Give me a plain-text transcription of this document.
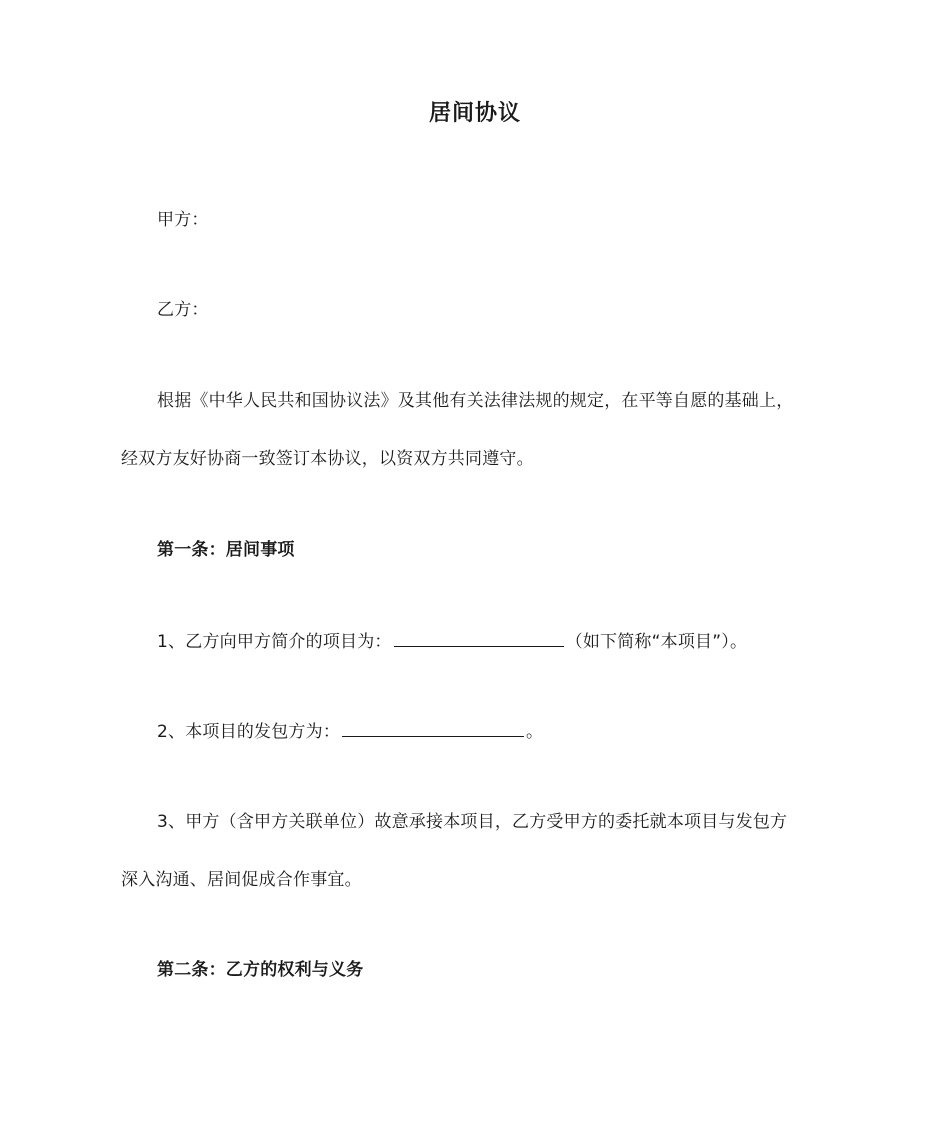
居间协议
甲方：
乙方：
根据《中华人民共和国协议法》及其他有关法律法规的规定，在平等自愿的基础上，
经双方友好协商一致签订本协议，以资双方共同遵守。
第一条：居间事项
1、乙方向甲方简介的项目为：	（如下简称“本项目”）。
2、本项目的发包方为：	。
3、甲方（含甲方关联单位）故意承接本项目，乙方受甲方的委托就本项目与发包方
深入沟通、居间促成合作事宜。
第二条：乙方的权利与义务
